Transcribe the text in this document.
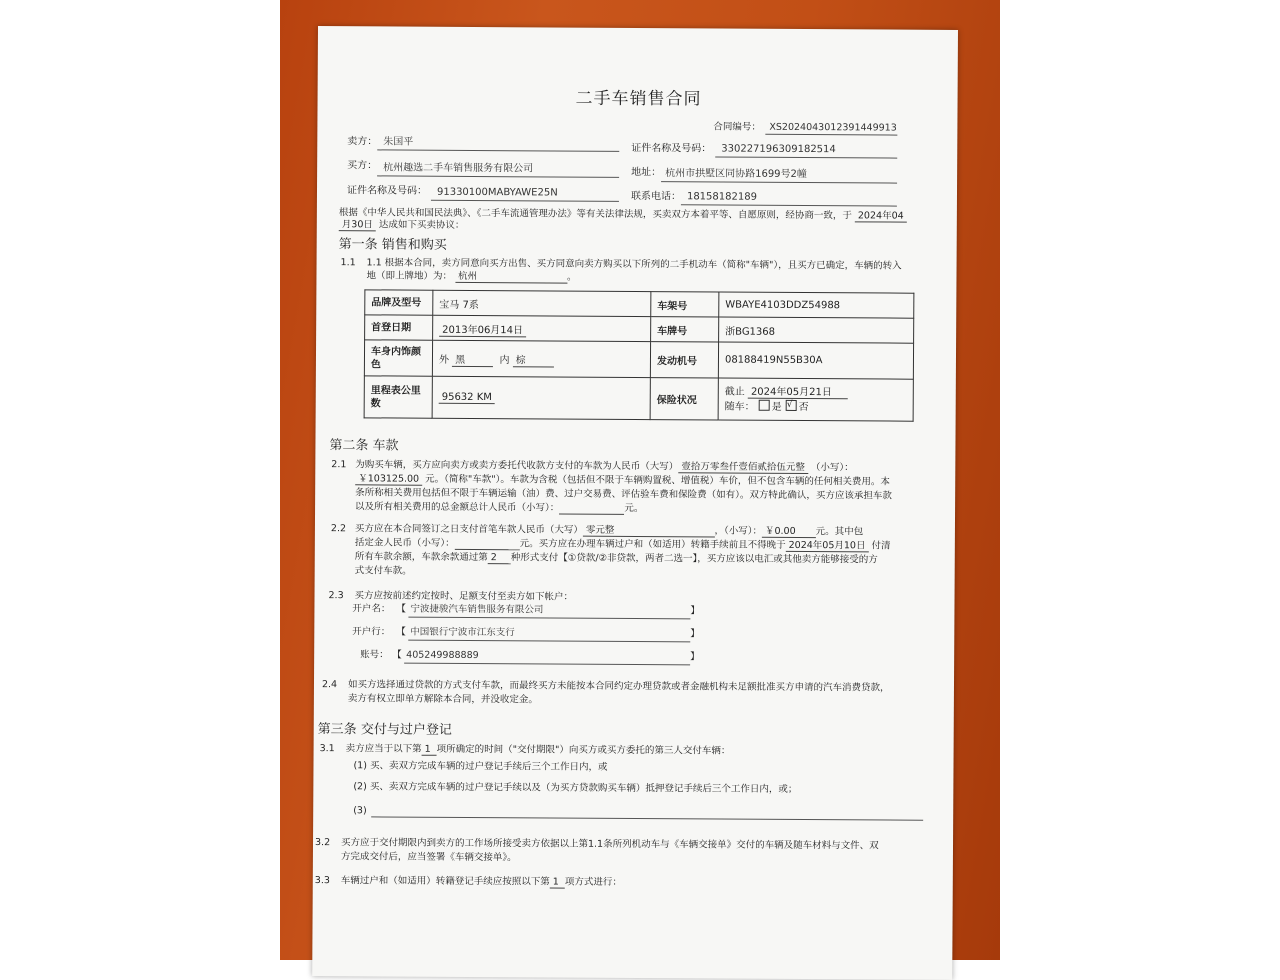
二手车销售合同
合同编号： XS2024043012391449913
卖方： 朱国平
证件名称及号码： 330227196309182514
买方： 杭州趣选二手车销售服务有限公司	地址： 杭州市拱墅区同协路1699号2幢
证件名称及号码： 91330100MABYAWE25N	联系电话： 18158182189
根据《中华人民共和国民法典》、《二手车流通管理办法》等有关法律法规，买卖双方本着平等、自愿原则，经协商一致，于 2024年04
月30日 达成如下买卖协议：
第一条 销售和购买
1.1 1.1 根据本合同，卖方同意向买方出售、买方同意向卖方购买以下所列的二手机动车（简称"车辆"），且买方已确定，车辆的转入
地（即上牌地）为： 杭州	。
品牌及型号	宝马 7系	车架号	WBAYE4103DDZ54988
首登日期	2013年06月14日	车牌号	浙BG1368
车身内饰颜色	外 黑 内 棕	发动机号	08188419N55B30A
里程表公里数	95632 KM	保险状况	截止 2024年05月21日
随车： 是 √ 否
第二条 车款
2.1 为购买车辆，买方应向卖方或卖方委托代收款方支付的车款为人民币（大写） 壹拾万零叁仟壹佰贰拾伍元整 （小写）：
￥103125.00 元。（简称"车款"）。车款为含税（包括但不限于车辆购置税、增值税）车价，但不包含车辆的任何相关费用。本
条所称相关费用包括但不限于车辆运输（油）费、过户交易费、评估验车费和保险费（如有）。双方特此确认，买方应该承担车款
以及所有相关费用的总金额总计人民币（小写）：	元。
2.2 买方应在本合同签订之日支付首笔车款人民币（大写） 零元整	，（小写）： ￥0.00 元。其中包
括定金人民币（小写）：	元。买方应在办理车辆过户和（如适用）转籍手续前且不得晚于 2024年05月10日 付清
所有车款余额，车款余款通过第 2 种形式支付【①贷款/②非贷款，两者二选一】，买方应该以电汇或其他卖方能够接受的方
式支付车款。
2.3 买方应按前述约定按时、足额支付至卖方如下帐户：
开户名： 【 宁波捷骏汽车销售服务有限公司	】
开户行： 【 中国银行宁波市江东支行	】
账号： 【 405249988889	】
2.4 如买方选择通过贷款的方式支付车款，而最终买方未能按本合同约定办理贷款或者金融机构未足额批准买方申请的汽车消费贷款，
卖方有权立即单方解除本合同，并没收定金。
第三条 交付与过户登记
3.1 卖方应当于以下第 1 项所确定的时间（"交付期限"）向买方或买方委托的第三人交付车辆：
(1) 买、卖双方完成车辆的过户登记手续后三个工作日内，或
(2) 买、卖双方完成车辆的过户登记手续以及（为买方贷款购买车辆）抵押登记手续后三个工作日内，或；
(3)
3.2 买方应于交付期限内到卖方的工作场所接受卖方依据以上第1.1条所列机动车与《车辆交接单》交付的车辆及随车材料与文件、双
方完成交付后，应当签署《车辆交接单》。
3.3 车辆过户和（如适用）转籍登记手续应按照以下第 1 项方式进行：
